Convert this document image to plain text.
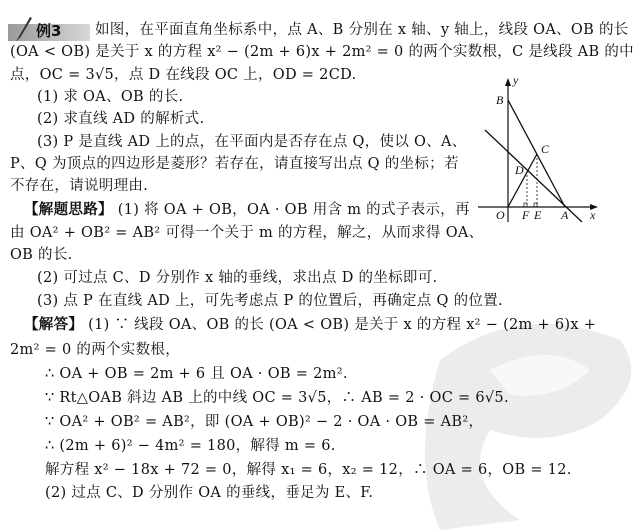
例3 如图，在平面直角坐标系中，点 A、B 分别在 x 轴、y 轴上，线段 OA、OB 的长
(OA < OB) 是关于 x 的方程 x² − (2m + 6)x + 2m² = 0 的两个实数根，C 是线段 AB 的中
点，OC = 3√5，点 D 在线段 OC 上，OD = 2CD.
(1) 求 OA、OB 的长.
(2) 求直线 AD 的解析式.
(3) P 是直线 AD 上的点，在平面内是否存在点 Q，使以 O、A、
P、Q 为顶点的四边形是菱形？若存在，请直接写出点 Q 的坐标；若
不存在，请说明理由.
【解题思路】 (1) 将 OA + OB，OA · OB 用含 m 的式子表示，再
由 OA² + OB² = AB² 可得一个关于 m 的方程，解之，从而求得 OA、
OB 的长.
(2) 可过点 C、D 分别作 x 轴的垂线，求出点 D 的坐标即可.
(3) 点 P 在直线 AD 上，可先考虑点 P 的位置后，再确定点 Q 的位置.
【解答】 (1) ∵ 线段 OA、OB 的长 (OA < OB) 是关于 x 的方程 x² − (2m + 6)x +
2m² = 0 的两个实数根，
∴ OA + OB = 2m + 6 且 OA · OB = 2m².
∵ Rt△OAB 斜边 AB 上的中线 OC = 3√5，∴ AB = 2 · OC = 6√5.
∵ OA² + OB² = AB²，即 (OA + OB)² − 2 · OA · OB = AB²，
∴ (2m + 6)² − 4m² = 180，解得 m = 6.
解方程 x² − 18x + 72 = 0，解得 x₁ = 6，x₂ = 12，∴ OA = 6，OB = 12.
(2) 过点 C、D 分别作 OA 的垂线，垂足为 E、F.
y
B
C
D
O F E A x
